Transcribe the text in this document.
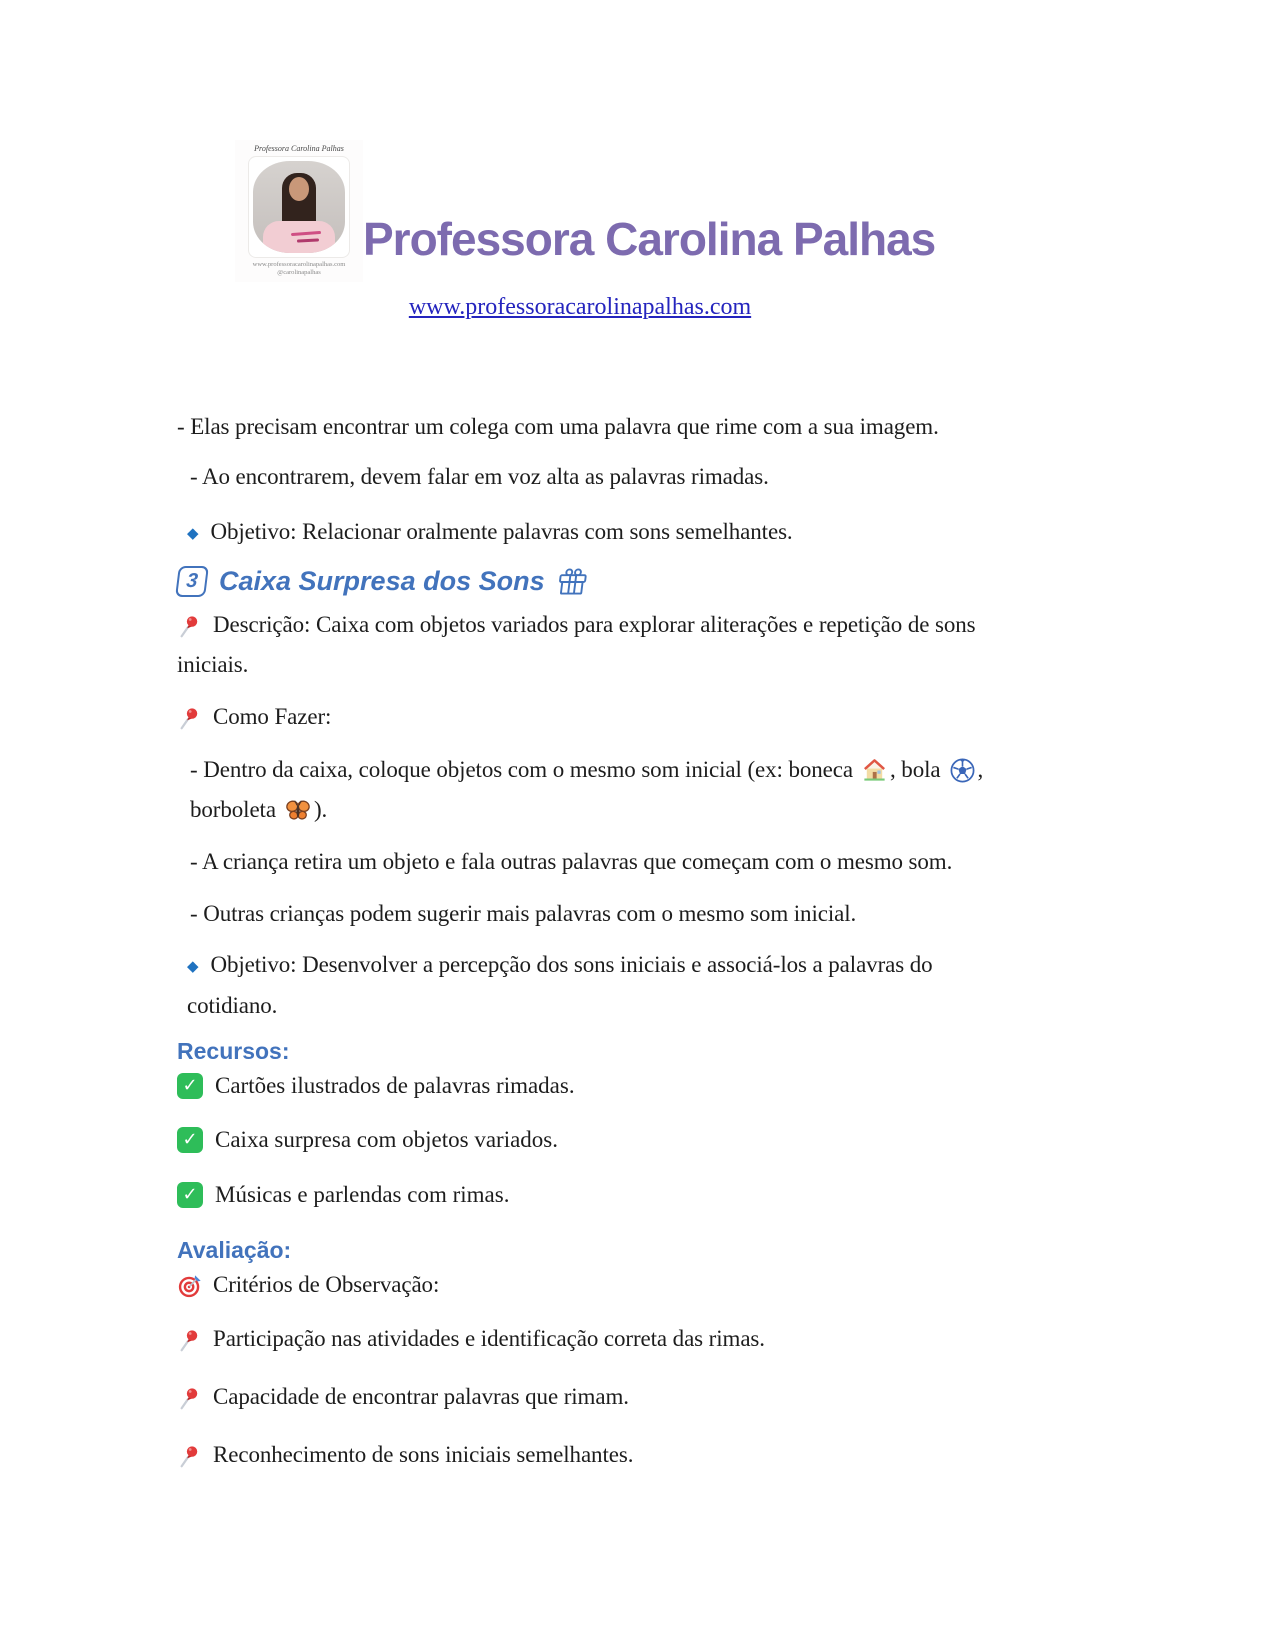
Professora Carolina Palhas
www.professoracarolinapalhas.com
@carolinapalhas
Professora Carolina Palhas
www.professoracarolinapalhas.com

- Elas precisam encontrar um colega com uma palavra que rime com a sua imagem.

- Ao encontrarem, devem falar em voz alta as palavras rimadas.

◆Objetivo: Relacionar oralmente palavras com sons semelhantes.

3 Caixa Surpresa dos Sons

Descrição: Caixa com objetos variados para explorar aliterações e repetição de sons
iniciais.

Como Fazer:

- Dentro da caixa, coloque objetos com o mesmo som inicial (ex: boneca , bola ,
borboleta ).

- A criança retira um objeto e fala outras palavras que começam com o mesmo som.

- Outras crianças podem sugerir mais palavras com o mesmo som inicial.

◆Objetivo: Desenvolver a percepção dos sons iniciais e associá-los a palavras do
cotidiano.

Recursos:

✓Cartões ilustrados de palavras rimadas.

✓Caixa surpresa com objetos variados.

✓Músicas e parlendas com rimas.

Avaliação:

Critérios de Observação:

Participação nas atividades e identificação correta das rimas.

Capacidade de encontrar palavras que rimam.

Reconhecimento de sons iniciais semelhantes.
